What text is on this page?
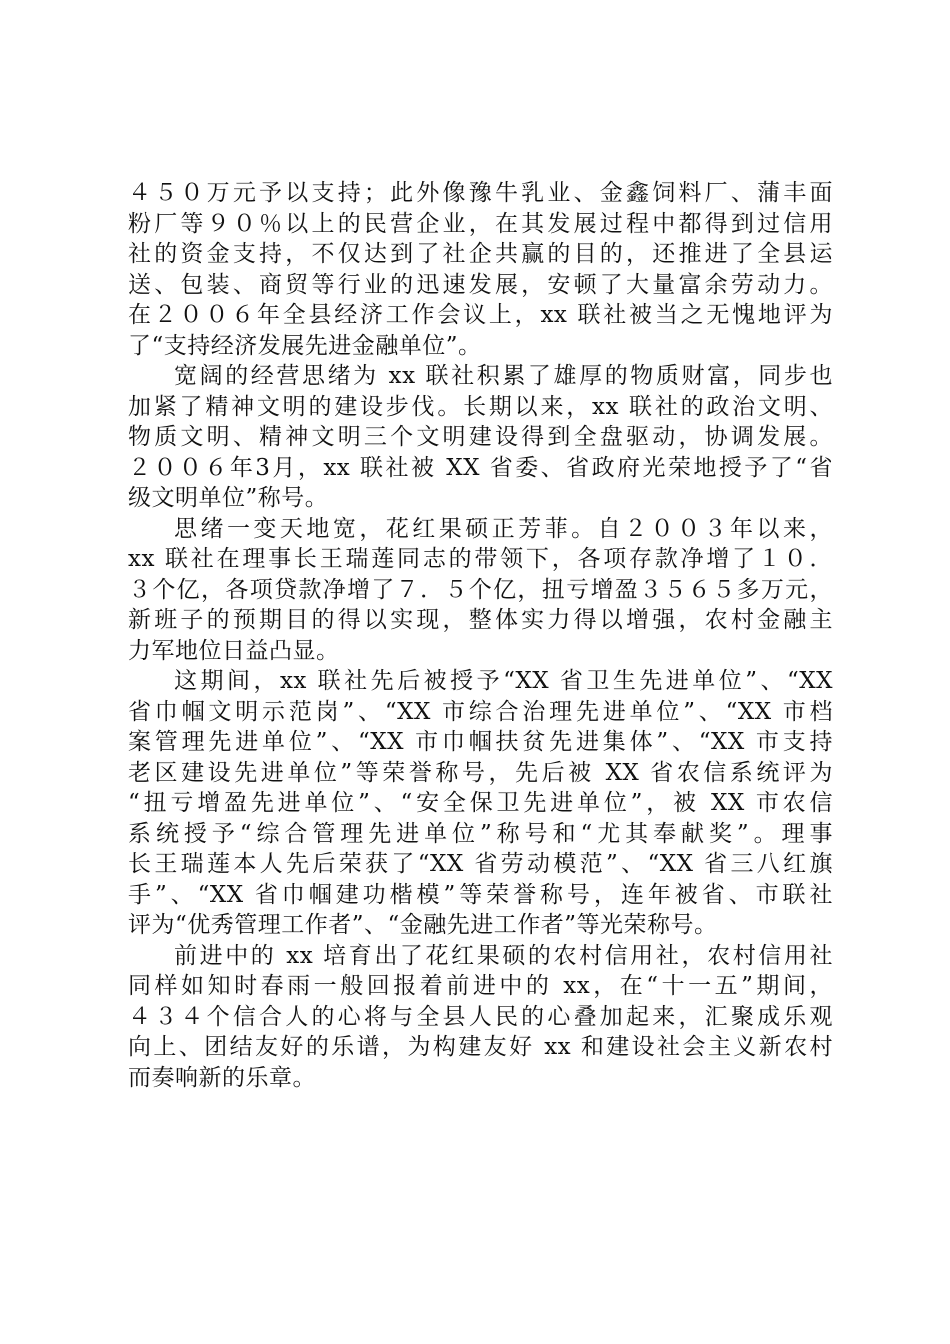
４５０万元予以支持；此外像豫牛乳业、金鑫饲料厂、蒲丰面
粉厂等９０％以上的民营企业，在其发展过程中都得到过信用
社的资金支持，不仅达到了社企共赢的目的，还推进了全县运
送、包装、商贸等行业的迅速发展，安顿了大量富余劳动力。
在２００６年全县经济工作会议上，xx 联社被当之无愧地评为
了“支持经济发展先进金融单位”。
宽阔的经营思绪为 xx 联社积累了雄厚的物质财富，同步也
加紧了精神文明的建设步伐。长期以来，xx 联社的政治文明、
物质文明、精神文明三个文明建设得到全盘驱动，协调发展。
２００６年3月，xx 联社被 XX 省委、省政府光荣地授予了“省
级文明单位”称号。
思绪一变天地宽，花红果硕正芳菲。自２００３年以来，
xx 联社在理事长王瑞莲同志的带领下，各项存款净增了１０．
３个亿，各项贷款净增了７．５个亿，扭亏增盈３５６５多万元，
新班子的预期目的得以实现，整体实力得以增强，农村金融主
力军地位日益凸显。
这期间，xx 联社先后被授予“XX 省卫生先进单位”、“XX
省巾帼文明示范岗”、“XX 市综合治理先进单位”、“XX 市档
案管理先进单位”、“XX 市巾帼扶贫先进集体”、“XX 市支持
老区建设先进单位”等荣誉称号，先后被 XX 省农信系统评为
“扭亏增盈先进单位”、“安全保卫先进单位”，被 XX 市农信
系统授予“综合管理先进单位”称号和“尤其奉献奖”。理事
长王瑞莲本人先后荣获了“XX 省劳动模范”、“XX 省三八红旗
手”、“XX 省巾帼建功楷模”等荣誉称号，连年被省、市联社
评为“优秀管理工作者”、“金融先进工作者”等光荣称号。
前进中的 xx 培育出了花红果硕的农村信用社，农村信用社
同样如知时春雨一般回报着前进中的 xx，在“十一五”期间，
４３４个信合人的心将与全县人民的心叠加起来，汇聚成乐观
向上、团结友好的乐谱，为构建友好 xx 和建设社会主义新农村
而奏响新的乐章。
